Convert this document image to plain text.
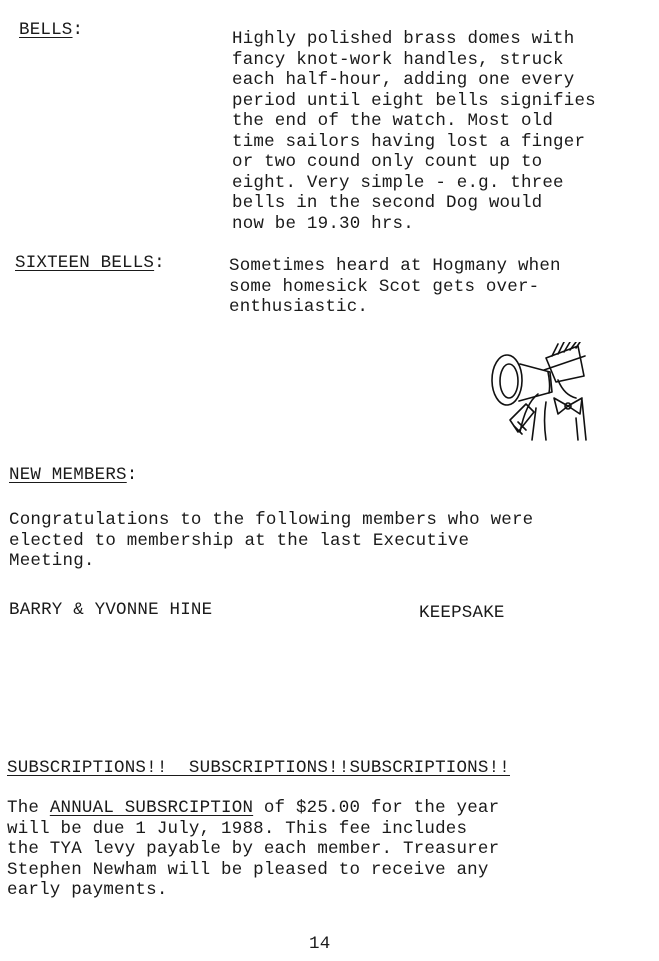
BELLS:	Highly polished brass domes with
fancy knot-work handles, struck
each half-hour, adding one every
period until eight bells signifies
the end of the watch. Most old
time sailors having lost a finger
or two cound only count up to
eight. Very simple - e.g. three
bells in the second Dog would
now be 19.30 hrs.
SIXTEEN BELLS:	Sometimes heard at Hogmany when
some homesick Scot gets over-
enthusiastic.
NEW MEMBERS:
Congratulations to the following members who were
elected to membership at the last Executive
Meeting.
BARRY & YVONNE HINE	KEEPSAKE
SUBSCRIPTIONS!!  SUBSCRIPTIONS!!SUBSCRIPTIONS!!
The ANNUAL SUBSRCIPTION of $25.00 for the year
will be due 1 July, 1988. This fee includes
the TYA levy payable by each member. Treasurer
Stephen Newham will be pleased to receive any
early payments.
14
